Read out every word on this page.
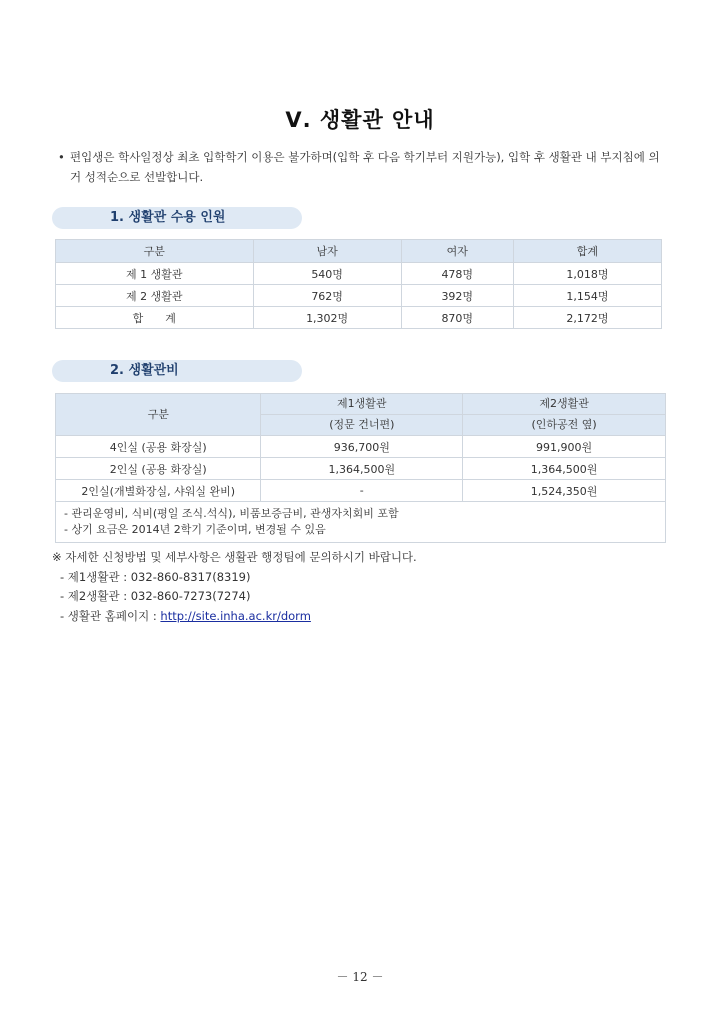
Ⅴ. 생활관 안내
• 편입생은 학사일정상 최초 입학학기 이용은 불가하며(입학 후 다음 학기부터 지원가능), 입학 후 생활관 내 부지침에 의거 성적순으로 선발합니다.
1. 생활관 수용 인원
구분	남자	여자	합계
제 1 생활관	540명	478명	1,018명
제 2 생활관	762명	392명	1,154명
합　　계	1,302명	870명	2,172명
2. 생활관비
구분	제1생활관	제2생활관
	(정문 건너편)	(인하공전 옆)
4인실 (공용 화장실)	936,700원	991,900원
2인실 (공용 화장실)	1,364,500원	1,364,500원
2인실(개별화장실, 샤워실 완비)	-	1,524,350원

- 관리운영비, 식비(평일 조식․석식), 비품보증금비, 관생자치회비 포함
- 상기 요금은 2014년 2학기 기준이며, 변경될 수 있음		
※ 자세한 신청방법 및 세부사항은 생활관 행정팀에 문의하시기 바랍니다.
- 제1생활관 : 032-860-8317(8319)
- 제2생활관 : 032-860-7273(7274)
- 생활관 홈페이지 : http://site.inha.ac.kr/dorm
－ 12 －
